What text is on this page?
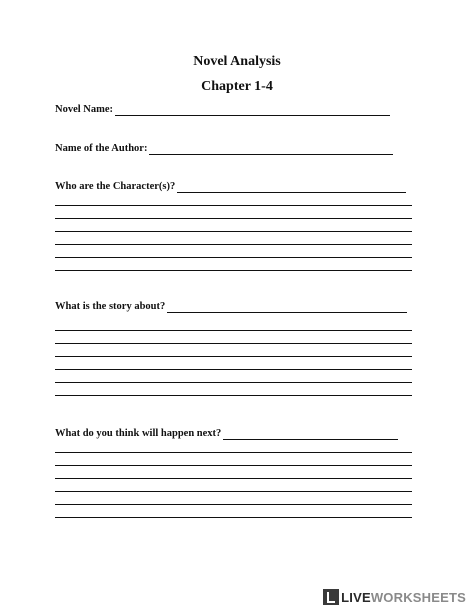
Novel Analysis
Chapter 1-4
Novel Name:
Name of the Author:
Who are the Character(s)?
What is the story about?
What do you think will happen next?
LIVE WORKSHEETS
